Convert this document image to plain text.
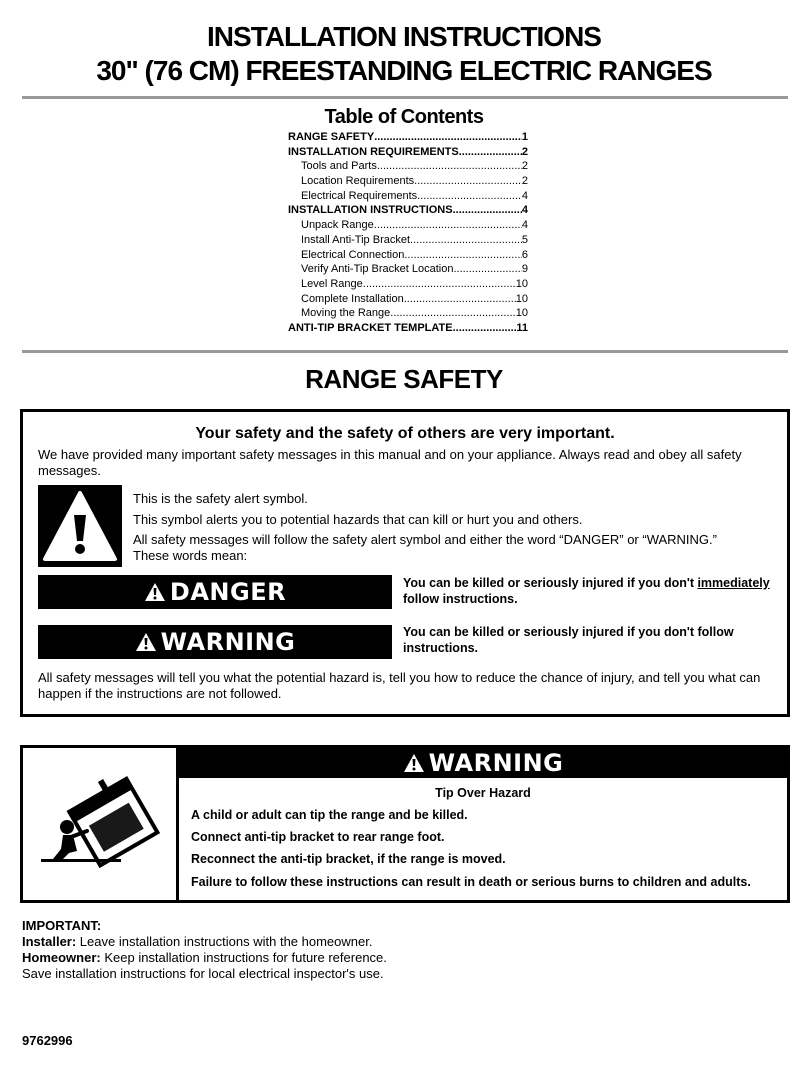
INSTALLATION INSTRUCTIONS
30" (76 CM) FREESTANDING ELECTRIC RANGES
Table of Contents
RANGE SAFETY .....	1
INSTALLATION REQUIREMENTS .....	2
Tools and Parts .....	2
Location Requirements .....	2
Electrical Requirements .....	4
INSTALLATION INSTRUCTIONS .....	4
Unpack Range .....	4
Install Anti-Tip Bracket .....	5
Electrical Connection .....	6
Verify Anti-Tip Bracket Location .....	9
Level Range .....	10
Complete Installation .....	10
Moving the Range .....	10
ANTI-TIP BRACKET TEMPLATE .....	11
RANGE SAFETY
Your safety and the safety of others are very important.

We have provided many important safety messages in this manual and on your appliance. Always read and obey all safety messages.

This is the safety alert symbol.

This symbol alerts you to potential hazards that can kill or hurt you and others.

All safety messages will follow the safety alert symbol and either the word “DANGER” or “WARNING.”

These words mean:

DANGER	You can be killed or seriously injured if you don't immediately
follow instructions.
WARNING	You can be killed or seriously injured if you don't follow
instructions.

All safety messages will tell you what the potential hazard is, tell you how to reduce the chance of injury, and tell you what can happen if the instructions are not followed.

WARNING
Tip Over Hazard

A child or adult can tip the range and be killed.

Connect anti-tip bracket to rear range foot.

Reconnect the anti-tip bracket, if the range is moved.

Failure to follow these instructions can result in death or serious burns to children and adults.

IMPORTANT:

Installer: Leave installation instructions with the homeowner.

Homeowner: Keep installation instructions for future reference.

Save installation instructions for local electrical inspector's use.

9762996
